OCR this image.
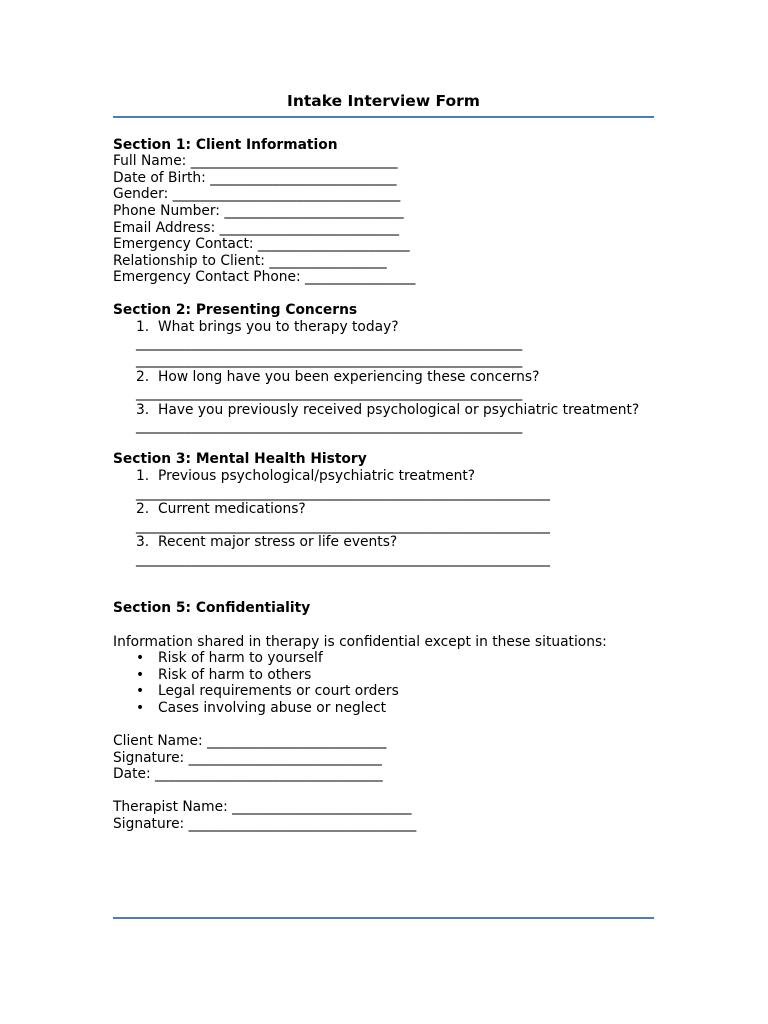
Intake Interview Form
Section 1: Client Information
Full Name: ______________________________
Date of Birth: ___________________________
Gender: _________________________________
Phone Number: __________________________
Email Address: __________________________
Emergency Contact: ______________________
Relationship to Client: _________________
Emergency Contact Phone: ________________
Section 2: Presenting Concerns
1. What brings you to therapy today?
________________________________________________________
________________________________________________________
2. How long have you been experiencing these concerns?
________________________________________________________
3. Have you previously received psychological or psychiatric treatment?
________________________________________________________
Section 3: Mental Health History
1. Previous psychological/psychiatric treatment?
____________________________________________________________
2. Current medications?
____________________________________________________________
3. Recent major stress or life events?
____________________________________________________________
Section 5: Confidentiality
Information shared in therapy is confidential except in these situations:
• Risk of harm to yourself
• Risk of harm to others
• Legal requirements or court orders
• Cases involving abuse or neglect
Client Name: __________________________
Signature: ____________________________
Date: _________________________________
Therapist Name: __________________________
Signature: _________________________________
